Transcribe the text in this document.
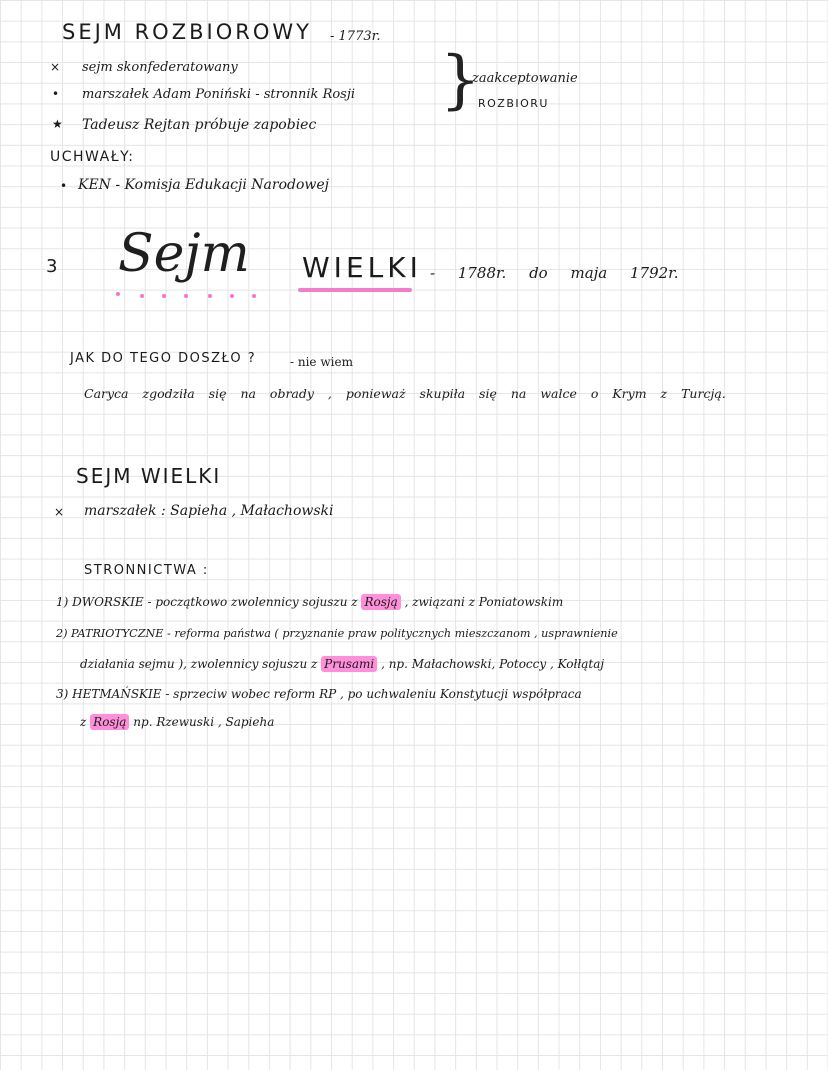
SEJM ROZBIOROWY - 1773r.
× sejm skonfederatowany
• marszałek Adam Poniński - stronnik Rosji
★ Tadeusz Rejtan próbuje zapobiec
}
zaakceptowanie
ROZBIORU
UCHWAŁY:
• KEN - Komisja Edukacji Narodowej
3 Sejm WIELKI - 1788r. do maja 1792r.
JAK DO TEGO DOSZŁO ?	- nie wiem
Caryca zgodziła się na obrady , ponieważ skupiła się na walce o Krym z Turcją.
SEJM WIELKI
× marszałek : Sapieha , Małachowski
STRONNICTWA :
1) DWORSKIE - początkowo zwolennicy sojuszu z Rosją , związani z Poniatowskim
2) PATRIOTYCZNE - reforma państwa ( przyznanie praw politycznych mieszczanom , usprawnienie
działania sejmu ), zwolennicy sojuszu z Prusami , np. Małachowski, Potoccy , Kołłątaj
3) HETMAŃSKIE - sprzeciw wobec reform RP , po uchwaleniu Konstytucji współpraca
z Rosją np. Rzewuski , Sapieha
